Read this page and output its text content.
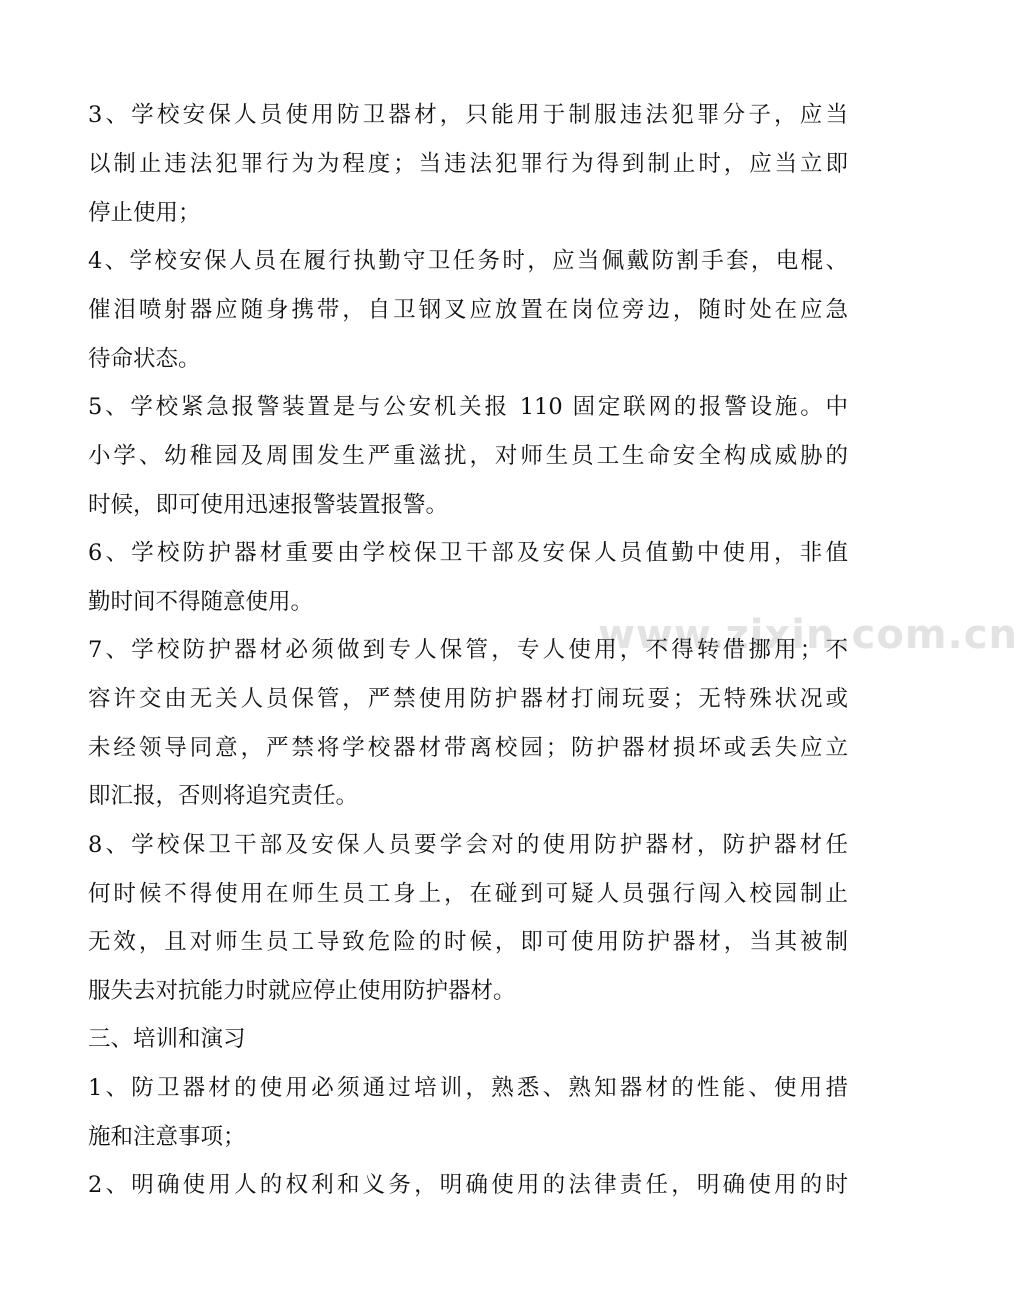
www.zixin.com.cn
3、学校安保人员使用防卫器材，只能用于制服违法犯罪分子，应当
以制止违法犯罪行为为程度；当违法犯罪行为得到制止时，应当立即
停止使用；
4、学校安保人员在履行执勤守卫任务时，应当佩戴防割手套，电棍、
催泪喷射器应随身携带，自卫钢叉应放置在岗位旁边，随时处在应急
待命状态。
5、学校紧急报警装置是与公安机关报 110 固定联网的报警设施。中
小学、幼稚园及周围发生严重滋扰，对师生员工生命安全构成威胁的
时候，即可使用迅速报警装置报警。
6、学校防护器材重要由学校保卫干部及安保人员值勤中使用，非值
勤时间不得随意使用。
7、学校防护器材必须做到专人保管，专人使用，不得转借挪用；不
容许交由无关人员保管，严禁使用防护器材打闹玩耍；无特殊状况或
未经领导同意，严禁将学校器材带离校园；防护器材损坏或丢失应立
即汇报，否则将追究责任。
8、学校保卫干部及安保人员要学会对的使用防护器材，防护器材任
何时候不得使用在师生员工身上，在碰到可疑人员强行闯入校园制止
无效，且对师生员工导致危险的时候，即可使用防护器材，当其被制
服失去对抗能力时就应停止使用防护器材。
三、培训和演习
1、防卫器材的使用必须通过培训，熟悉、熟知器材的性能、使用措
施和注意事项；
2、明确使用人的权利和义务，明确使用的法律责任，明确使用的时
